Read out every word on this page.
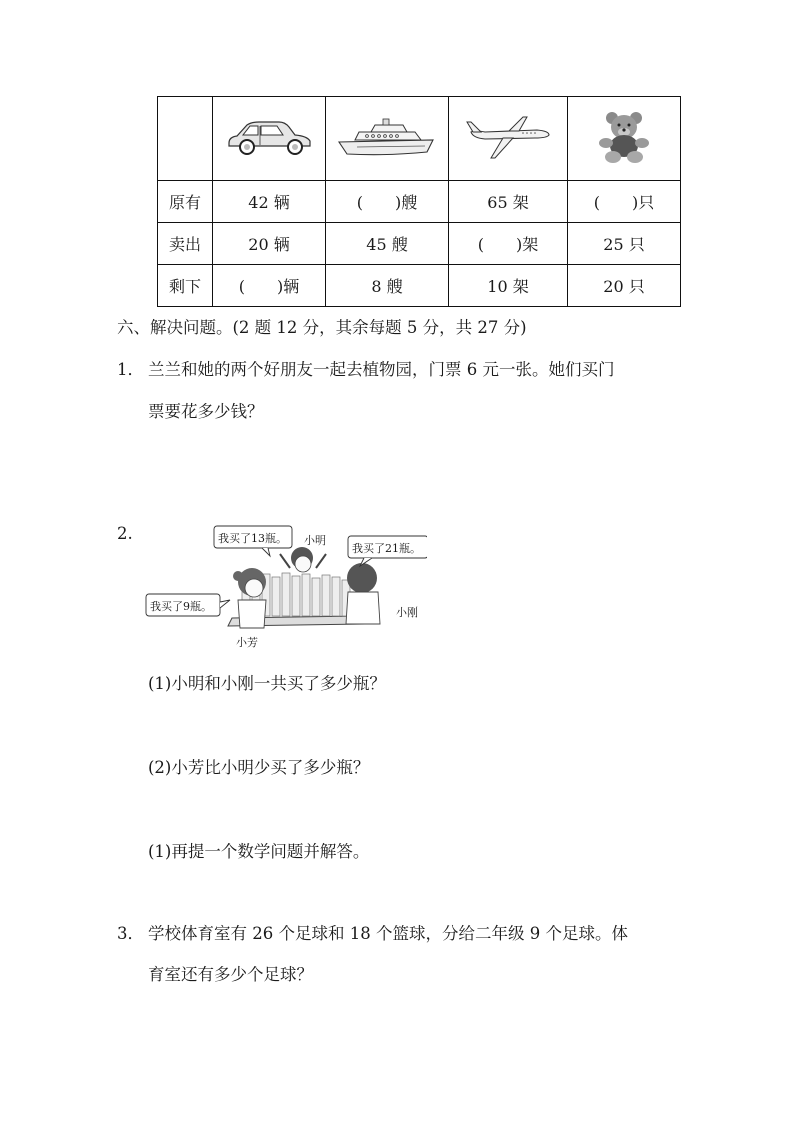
原有	42 辆	(　　)艘	65 架	(　　)只
卖出	20 辆	45 艘	(　　)架	25 只
剩下	(　　)辆	8 艘	10 架	20 只
六、解决问题。(2 题 12 分，其余每题 5 分，共 27 分)
1． 兰兰和她的两个好朋友一起去植物园，门票 6 元一张。她们买门
票要花多少钱？
2.	我买了13瓶。
我买了21瓶。
我买了9瓶。
小明
小刚
小芳
(1)小明和小刚一共买了多少瓶？
(2)小芳比小明少买了多少瓶？
(1)再提一个数学问题并解答。
3． 学校体育室有 26 个足球和 18 个篮球，分给二年级 9 个足球。体
育室还有多少个足球？
